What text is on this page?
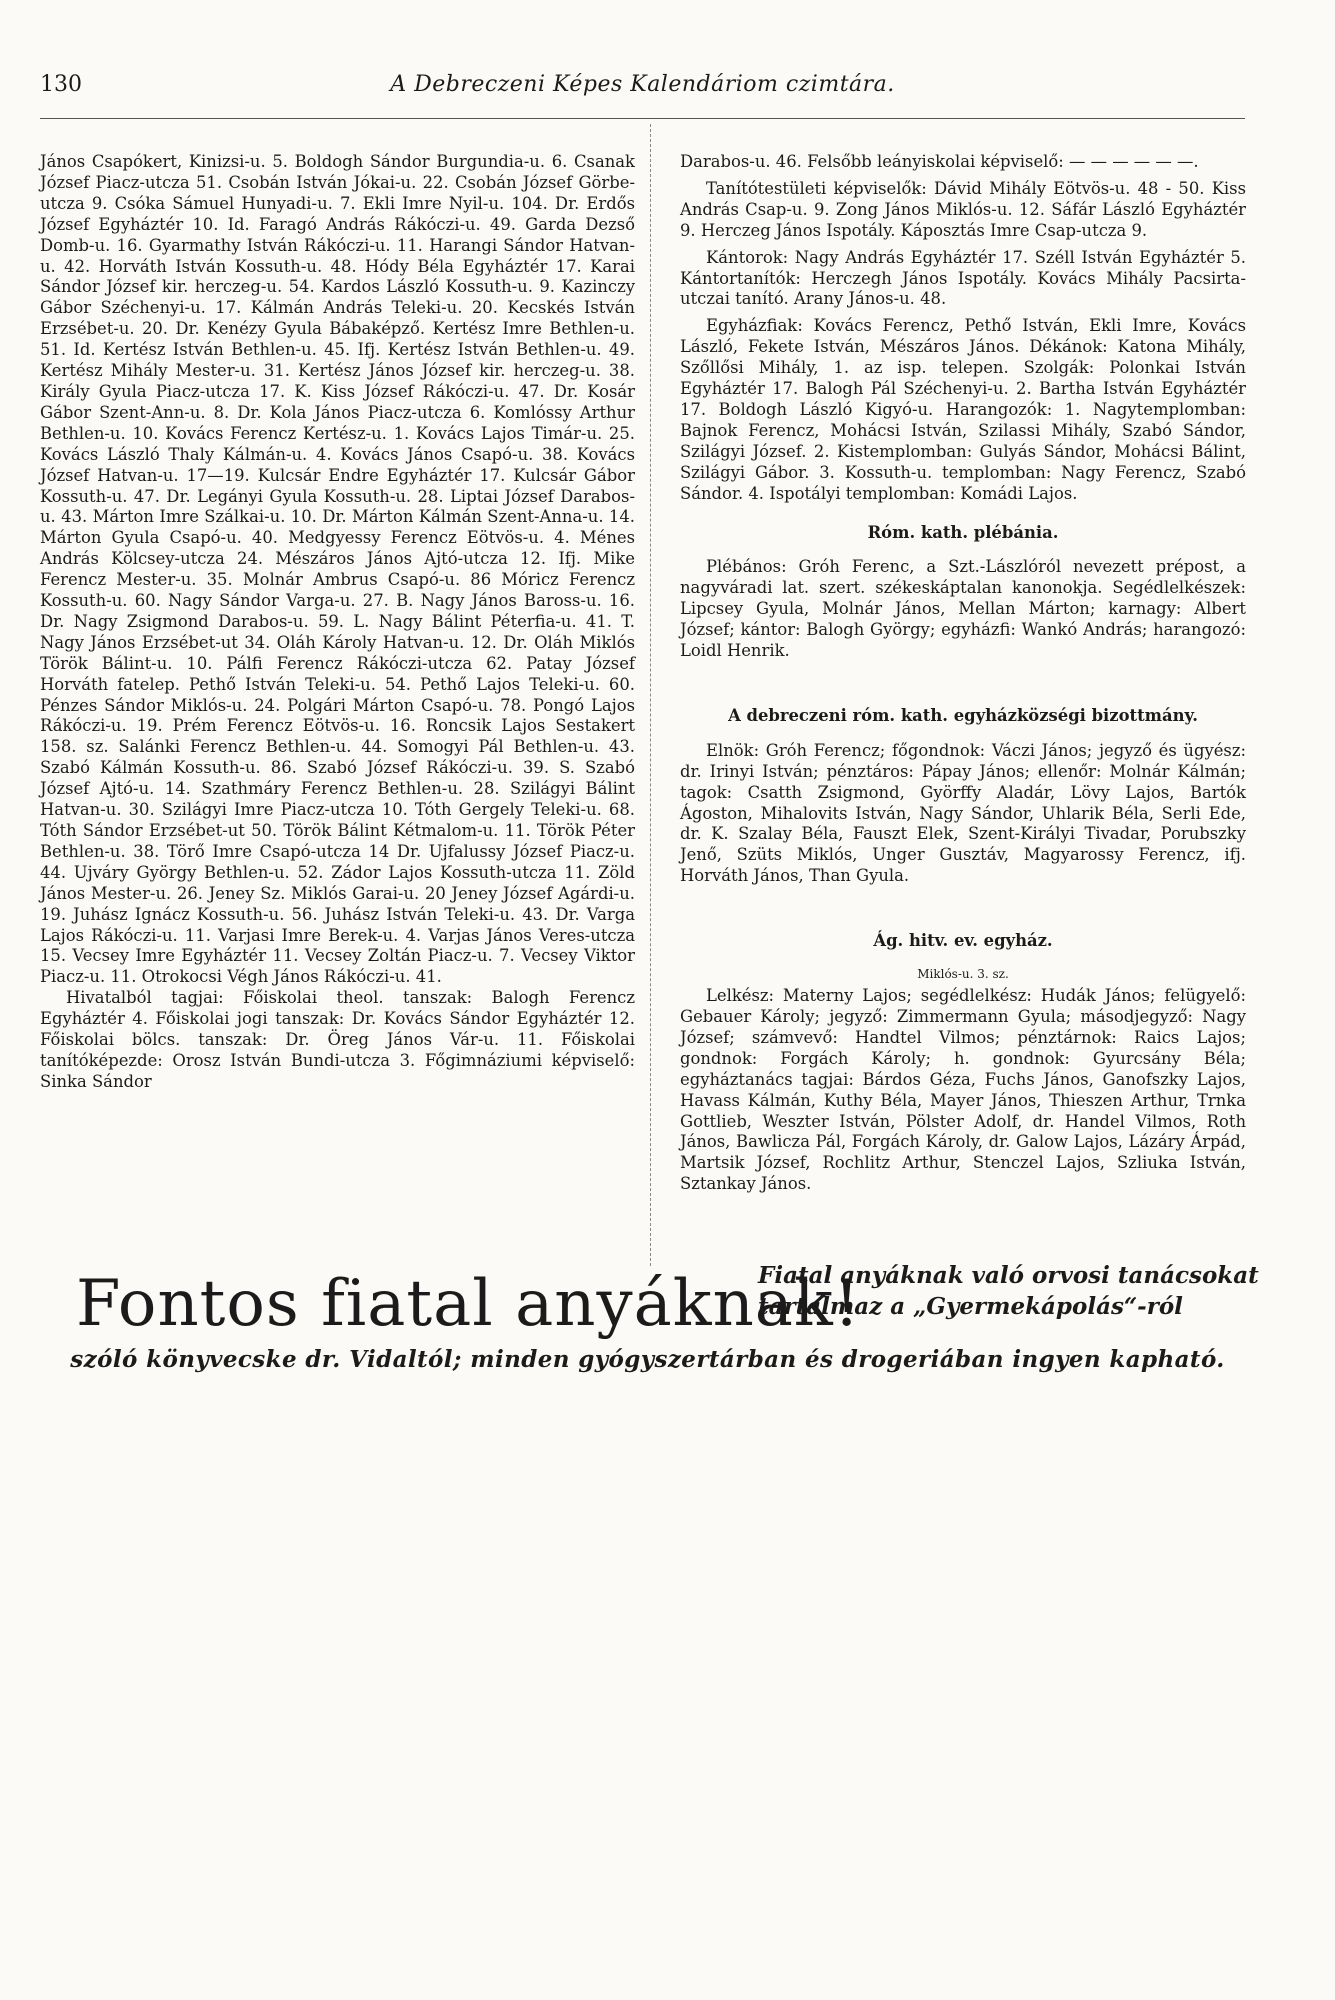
130	A Debreczeni Képes Kalendáriom czimtára.

János Csapókert, Kinizsi-u. 5. Boldogh Sándor Burgundia-u. 6. Csanak József Piacz-utcza 51. Csobán István Jókai-u. 22. Csobán József Görbe-utcza 9. Csóka Sámuel Hunyadi-u. 7. Ekli Imre Nyil-u. 104. Dr. Erdős József Egyháztér 10. Id. Faragó András Rákóczi-u. 49. Garda Dezső Domb-u. 16. Gyarmathy István Rákóczi-u. 11. Harangi Sándor Hatvan-u. 42. Horváth István Kossuth-u. 48. Hódy Béla Egyháztér 17. Karai Sándor József kir. herczeg-u. 54. Kardos László Kossuth-u. 9. Kazinczy Gábor Széchenyi-u. 17. Kálmán András Teleki-u. 20. Kecskés István Erzsébet-u. 20. Dr. Kenézy Gyula Bábaképző. Kertész Imre Bethlen-u. 51. Id. Kertész István Bethlen-u. 45. Ifj. Kertész István Bethlen-u. 49. Kertész Mihály Mester-u. 31. Kertész János József kir. herczeg-u. 38. Király Gyula Piacz-utcza 17. K. Kiss József Rákóczi-u. 47. Dr. Kosár Gábor Szent-Ann-u. 8. Dr. Kola János Piacz-utcza 6. Komlóssy Arthur Bethlen-u. 10. Kovács Ferencz Kertész-u. 1. Kovács Lajos Timár-u. 25. Kovács László Thaly Kálmán-u. 4. Kovács János Csapó-u. 38. Kovács József Hatvan-u. 17—19. Kulcsár Endre Egyháztér 17. Kulcsár Gábor Kossuth-u. 47. Dr. Legányi Gyula Kossuth-u. 28. Liptai József Darabos-u. 43. Márton Imre Szálkai-u. 10. Dr. Márton Kálmán Szent-Anna-u. 14. Márton Gyula Csapó-u. 40. Medgyessy Ferencz Eötvös-u. 4. Ménes András Kölcsey-utcza 24. Mészáros János Ajtó-utcza 12. Ifj. Mike Ferencz Mester-u. 35. Molnár Ambrus Csapó-u. 86 Móricz Ferencz Kossuth-u. 60. Nagy Sándor Varga-u. 27. B. Nagy János Baross-u. 16. Dr. Nagy Zsigmond Darabos-u. 59. L. Nagy Bálint Péterfia-u. 41. T. Nagy János Erzsébet-ut 34. Oláh Károly Hatvan-u. 12. Dr. Oláh Miklós Török Bálint-u. 10. Pálfi Ferencz Rákóczi-utcza 62. Patay József Horváth fatelep. Pethő István Teleki-u. 54. Pethő Lajos Teleki-u. 60. Pénzes Sándor Miklós-u. 24. Polgári Márton Csapó-u. 78. Pongó Lajos Rákóczi-u. 19. Prém Ferencz Eötvös-u. 16. Roncsik Lajos Sestakert 158. sz. Salánki Ferencz Bethlen-u. 44. Somogyi Pál Bethlen-u. 43. Szabó Kálmán Kossuth-u. 86. Szabó József Rákóczi-u. 39. S. Szabó József Ajtó-u. 14. Szathmáry Ferencz Bethlen-u. 28. Szilágyi Bálint Hatvan-u. 30. Szilágyi Imre Piacz-utcza 10. Tóth Gergely Teleki-u. 68. Tóth Sándor Erzsébet-ut 50. Török Bálint Kétmalom-u. 11. Török Péter Bethlen-u. 38. Törő Imre Csapó-utcza 14 Dr. Ujfalussy József Piacz-u. 44. Ujváry György Bethlen-u. 52. Zádor Lajos Kossuth-utcza 11. Zöld János Mester-u. 26. Jeney Sz. Miklós Garai-u. 20 Jeney József Agárdi-u. 19. Juhász Ignácz Kossuth-u. 56. Juhász István Teleki-u. 43. Dr. Varga Lajos Rákóczi-u. 11. Varjasi Imre Berek-u. 4. Varjas János Veres-utcza 15. Vecsey Imre Egyháztér 11. Vecsey Zoltán Piacz-u. 7. Vecsey Viktor Piacz-u. 11. Otrokocsi Végh János Rákóczi-u. 41.

Hivatalból tagjai: Főiskolai theol. tanszak: Balogh Ferencz Egyháztér 4. Főiskolai jogi tanszak: Dr. Kovács Sándor Egyháztér 12. Főiskolai bölcs. tanszak: Dr. Öreg János Vár-u. 11. Főiskolai tanítóképezde: Orosz István Bundi-utcza 3. Főgimnáziumi képviselő: Sinka Sándor

Darabos-u. 46. Felsőbb leányiskolai képviselő: — — — — — —.

Tanítótestületi képviselők: Dávid Mihály Eötvös-u. 48 - 50. Kiss András Csap-u. 9. Zong János Miklós-u. 12. Sáfár László Egyháztér 9. Herczeg János Ispotály. Káposztás Imre Csap-utcza 9.

Kántorok: Nagy András Egyháztér 17. Széll István Egyháztér 5. Kántortanítók: Herczegh János Ispotály. Kovács Mihály Pacsirta-utczai tanító. Arany János-u. 48.

Egyházfiak: Kovács Ferencz, Pethő István, Ekli Imre, Kovács László, Fekete István, Mészáros János. Dékánok: Katona Mihály, Szőllősi Mihály, 1. az isp. telepen. Szolgák: Polonkai István Egyháztér 17. Balogh Pál Széchenyi-u. 2. Bartha István Egyháztér 17. Boldogh László Kigyó-u. Harangozók: 1. Nagytemplomban: Bajnok Ferencz, Mohácsi István, Szilassi Mihály, Szabó Sándor, Szilágyi József. 2. Kistemplomban: Gulyás Sándor, Mohácsi Bálint, Szilágyi Gábor. 3. Kossuth-u. templomban: Nagy Ferencz, Szabó Sándor. 4. Ispotályi templomban: Komádi Lajos.

Róm. kath. plébánia.

Plébános: Gróh Ferenc, a Szt.-Lászlóról nevezett prépost, a nagyváradi lat. szert. székeskáptalan kanonokja. Segédlelkészek: Lipcsey Gyula, Molnár János, Mellan Márton; karnagy: Albert József; kántor: Balogh György; egyházfi: Wankó András; harangozó: Loidl Henrik.

A debreczeni róm. kath. egyházközségi bizottmány.

Elnök: Gróh Ferencz; főgondnok: Váczi János; jegyző és ügyész: dr. Irinyi István; pénztáros: Pápay János; ellenőr: Molnár Kálmán; tagok: Csatth Zsigmond, Györffy Aladár, Lövy Lajos, Bartók Ágoston, Mihalovits István, Nagy Sándor, Uhlarik Béla, Serli Ede, dr. K. Szalay Béla, Fauszt Elek, Szent-Királyi Tivadar, Porubszky Jenő, Szüts Miklós, Unger Gusztáv, Magyarossy Ferencz, ifj. Horváth János, Than Gyula.

Ág. hitv. ev. egyház.

Miklós-u. 3. sz.

Lelkész: Materny Lajos; segédlelkész: Hudák János; felügyelő: Gebauer Károly; jegyző: Zimmermann Gyula; másodjegyző: Nagy József; számvevő: Handtel Vilmos; pénztárnok: Raics Lajos; gondnok: Forgách Károly; h. gondnok: Gyurcsány Béla; egyháztanács tagjai: Bárdos Géza, Fuchs János, Ganofszky Lajos, Havass Kálmán, Kuthy Béla, Mayer János, Thieszen Arthur, Trnka Gottlieb, Weszter István, Pölster Adolf, dr. Handel Vilmos, Roth János, Bawlicza Pál, Forgách Károly, dr. Galow Lajos, Lázáry Árpád, Martsik József, Rochlitz Arthur, Stenczel Lajos, Szliuka István, Sztankay János.

Fontos fiatal anyáknak!
Fiatal anyáknak való orvosi tanácsokat tartalmaz a „Gyermekápolás“-ról
szóló könyvecske dr. Vidaltól; minden gyógyszertárban és drogeriában ingyen kapható.
